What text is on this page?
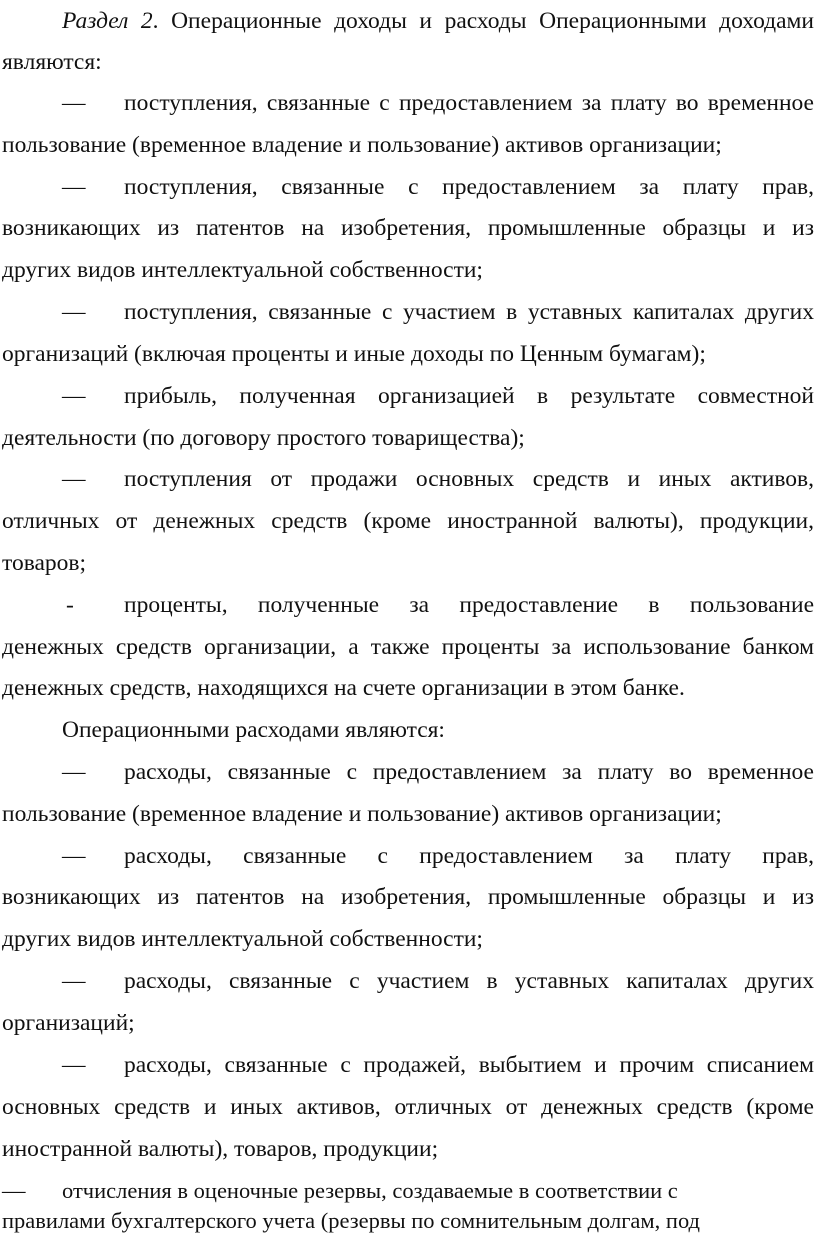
Раздел 2. Операционные доходы и расходы Операционными доходами
являются:
—	поступления, связанные с предоставлением за плату во временное
пользование (временное владение и пользование) активов организации;
—	поступления, связанные с предоставлением за плату прав,
возникающих из патентов на изобретения, промышленные образцы и из
других видов интеллектуальной собственности;
—	поступления, связанные с участием в уставных капиталах других
организаций (включая проценты и иные доходы по Ценным бумагам);
—	прибыль, полученная организацией в результате совместной
деятельности (по договору простого товарищества);
—	поступления от продажи основных средств и иных активов,
отличных от денежных средств (кроме иностранной валюты), продукции,
товаров;
-	проценты, полученные за предоставление в пользование
денежных средств организации, а также проценты за использование банком
денежных средств, находящихся на счете организации в этом банке.
Операционными расходами являются:
—	расходы, связанные с предоставлением за плату во временное
пользование (временное владение и пользование) активов организации;
—	расходы, связанные с предоставлением за плату прав,
возникающих из патентов на изобретения, промышленные образцы и из
других видов интеллектуальной собственности;
—	расходы, связанные с участием в уставных капиталах других
организаций;
—	расходы, связанные с продажей, выбытием и прочим списанием
основных средств и иных активов, отличных от денежных средств (кроме
иностранной валюты), товаров, продукции;
—	отчисления в оценочные резервы, создаваемые в соответствии с
правилами бухгалтерского учета (резервы по сомнительным долгам, под
